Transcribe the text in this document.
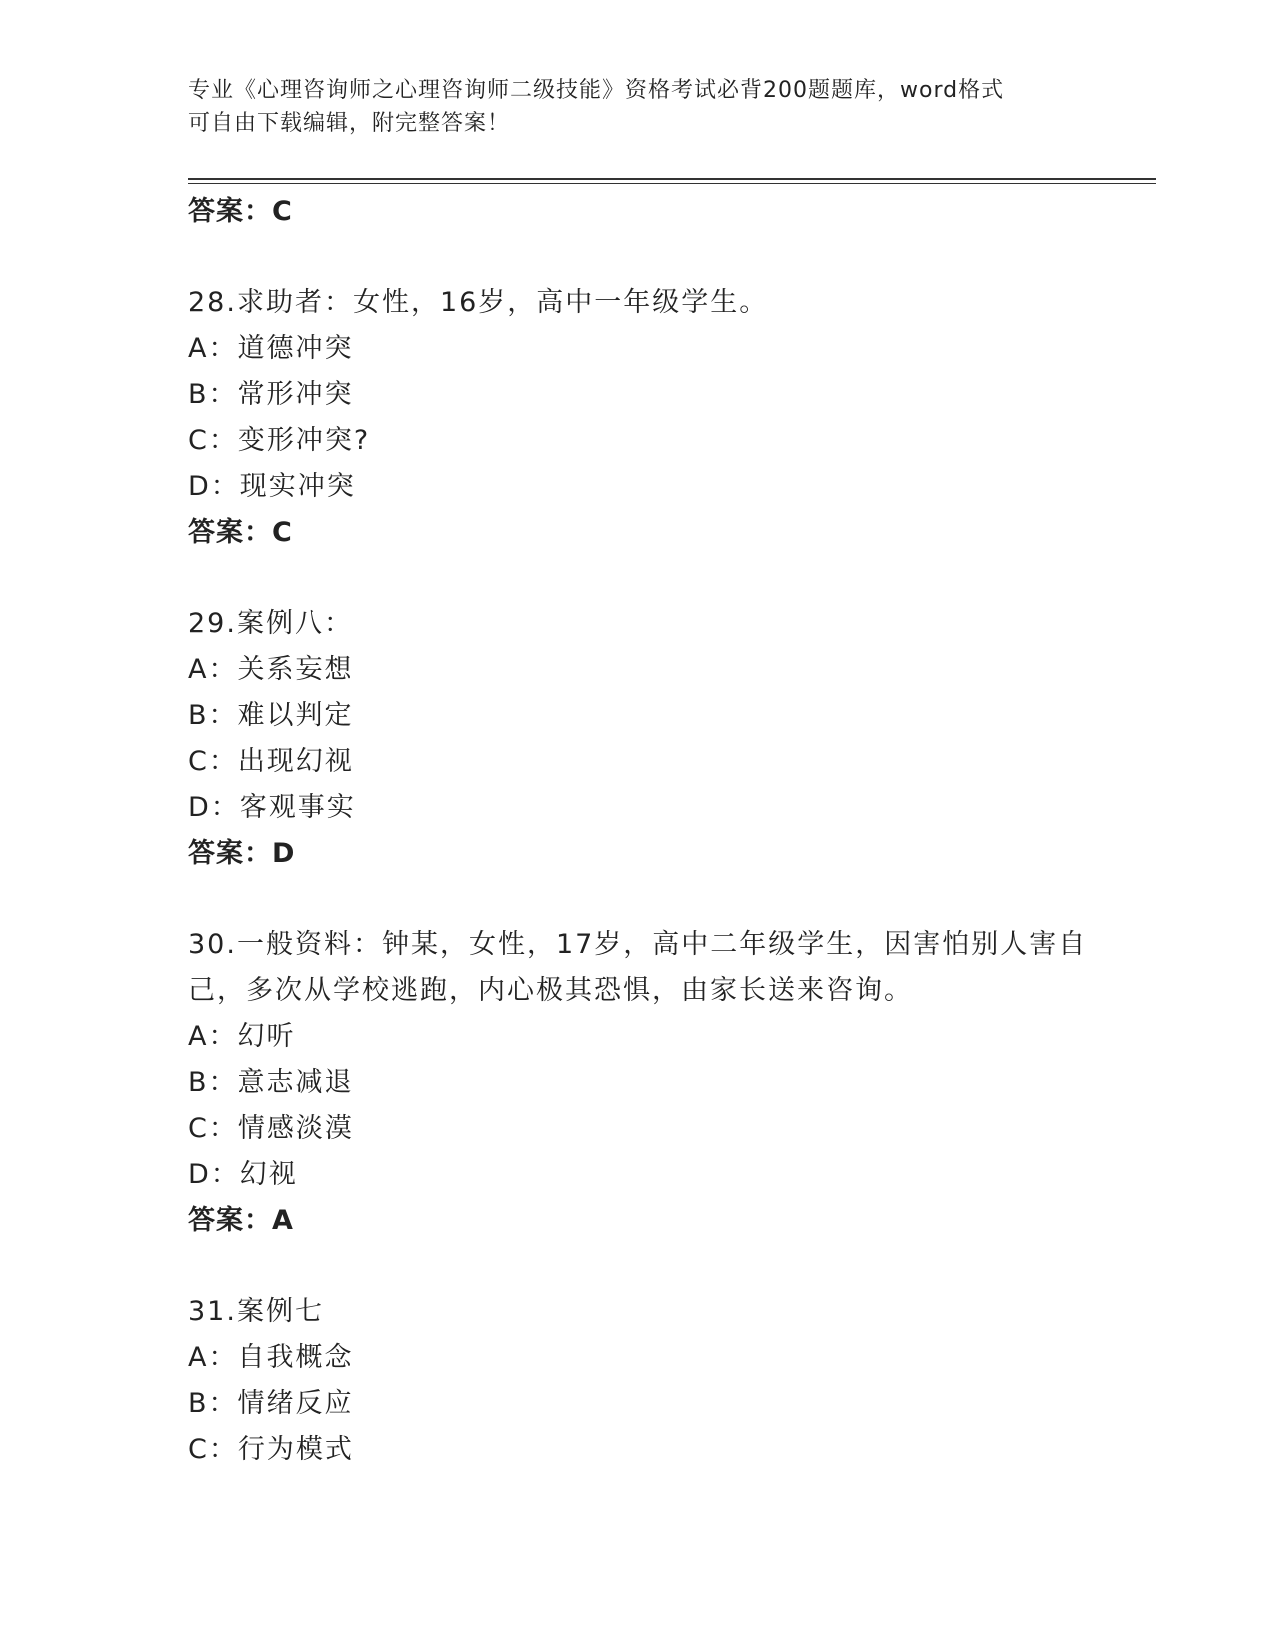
专业《心理咨询师之心理咨询师二级技能》资格考试必背200题题库，word格式

可自由下载编辑，附完整答案！

答案：C
28.求助者：女性，16岁，高中一年级学生。
A：道德冲突
B：常形冲突
C：变形冲突?
D：现实冲突
答案：C
29.案例八：
A：关系妄想
B：难以判定
C：出现幻视
D：客观事实
答案：D
30.一般资料：钟某，女性，17岁，高中二年级学生，因害怕别人害自
己，多次从学校逃跑，内心极其恐惧，由家长送来咨询。
A：幻听
B：意志减退
C：情感淡漠
D：幻视
答案：A
31.案例七
A：自我概念
B：情绪反应
C：行为模式
